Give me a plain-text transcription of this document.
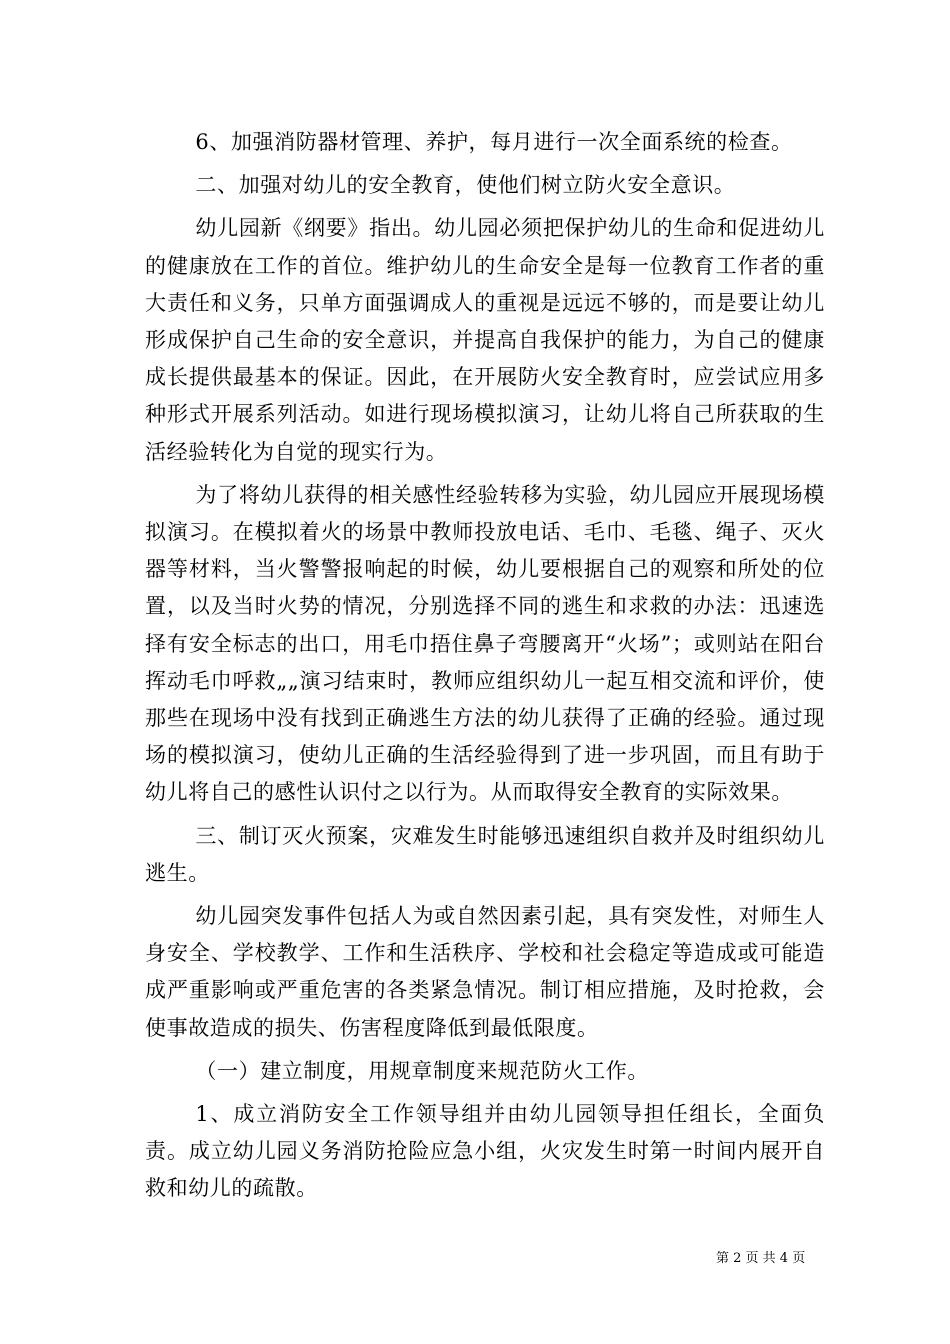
6、加强消防器材管理、养护，每月进行一次全面系统的检查。

二、加强对幼儿的安全教育，使他们树立防火安全意识。

幼儿园新《纲要》指出。幼儿园必须把保护幼儿的生命和促进幼儿的健康放在工作的首位。维护幼儿的生命安全是每一位教育工作者的重大责任和义务，只单方面强调成人的重视是远远不够的，而是要让幼儿形成保护自己生命的安全意识，并提高自我保护的能力，为自己的健康成长提供最基本的保证。因此，在开展防火安全教育时，应尝试应用多种形式开展系列活动。如进行现场模拟演习，让幼儿将自己所获取的生活经验转化为自觉的现实行为。

为了将幼儿获得的相关感性经验转移为实验，幼儿园应开展现场模拟演习。在模拟着火的场景中教师投放电话、毛巾、毛毯、绳子、灭火器等材料，当火警警报响起的时候，幼儿要根据自己的观察和所处的位置，以及当时火势的情况，分别选择不同的逃生和求救的办法：迅速选择有安全标志的出口，用毛巾捂住鼻子弯腰离开“火场”；或则站在阳台挥动毛巾呼救„„演习结束时，教师应组织幼儿一起互相交流和评价，使那些在现场中没有找到正确逃生方法的幼儿获得了正确的经验。通过现场的模拟演习，使幼儿正确的生活经验得到了进一步巩固，而且有助于幼儿将自己的感性认识付之以行为。从而取得安全教育的实际效果。

三、制订灭火预案，灾难发生时能够迅速组织自救并及时组织幼儿逃生。

幼儿园突发事件包括人为或自然因素引起，具有突发性，对师生人身安全、学校教学、工作和生活秩序、学校和社会稳定等造成或可能造成严重影响或严重危害的各类紧急情况。制订相应措施，及时抢救，会使事故造成的损失、伤害程度降低到最低限度。

（一）建立制度，用规章制度来规范防火工作。

1、成立消防安全工作领导组并由幼儿园领导担任组长，全面负责。成立幼儿园义务消防抢险应急小组，火灾发生时第一时间内展开自救和幼儿的疏散。

第 2 页 共 4 页
